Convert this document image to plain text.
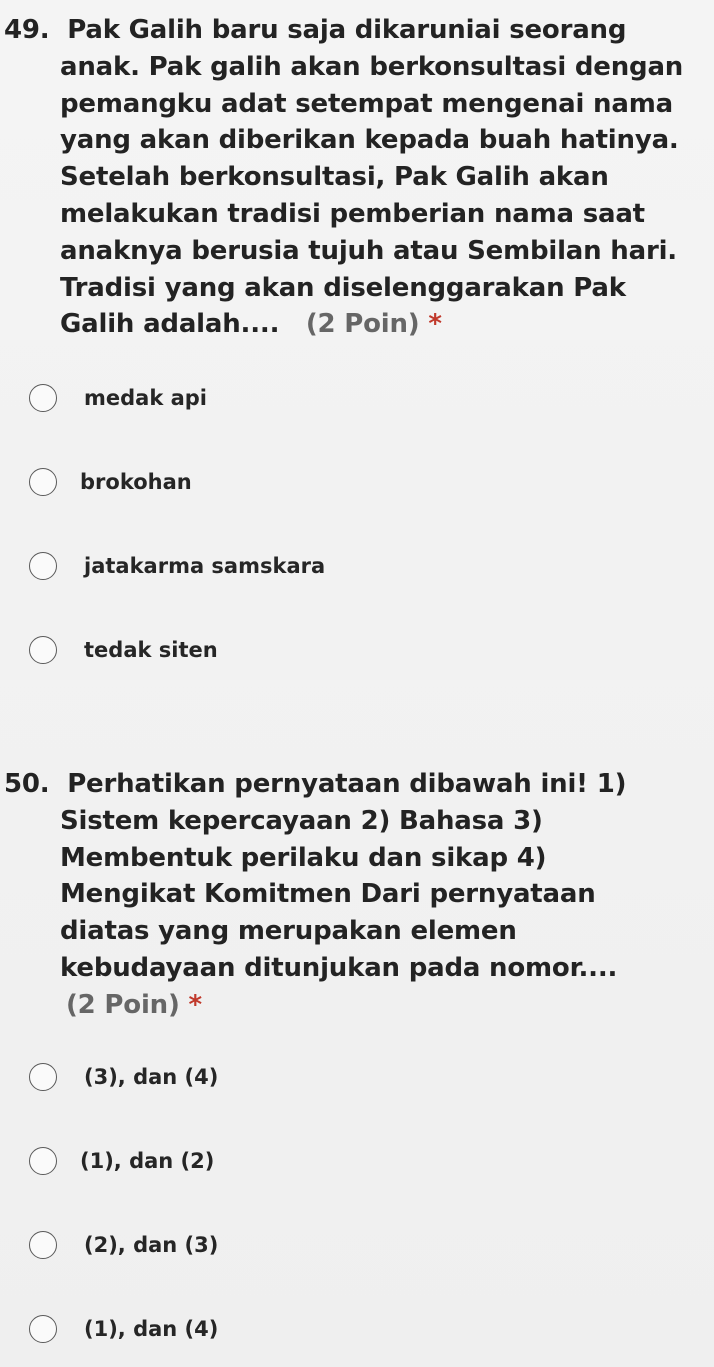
49. Pak Galih baru saja dikaruniai seorang
anak. Pak galih akan berkonsultasi dengan
pemangku adat setempat mengenai nama
yang akan diberikan kepada buah hatinya.
Setelah berkonsultasi, Pak Galih akan
melakukan tradisi pemberian nama saat
anaknya berusia tujuh atau Sembilan hari.
Tradisi yang akan diselenggarakan Pak
Galih adalah.... (2 Poin) *
medak api
brokohan
jatakarma samskara
tedak siten
50. Perhatikan pernyataan dibawah ini! 1)
Sistem kepercayaan 2) Bahasa 3)
Membentuk perilaku dan sikap 4)
Mengikat Komitmen Dari pernyataan
diatas yang merupakan elemen
kebudayaan ditunjukan pada nomor....
(2 Poin) *
(3), dan (4)
(1), dan (2)
(2), dan (3)
(1), dan (4)
